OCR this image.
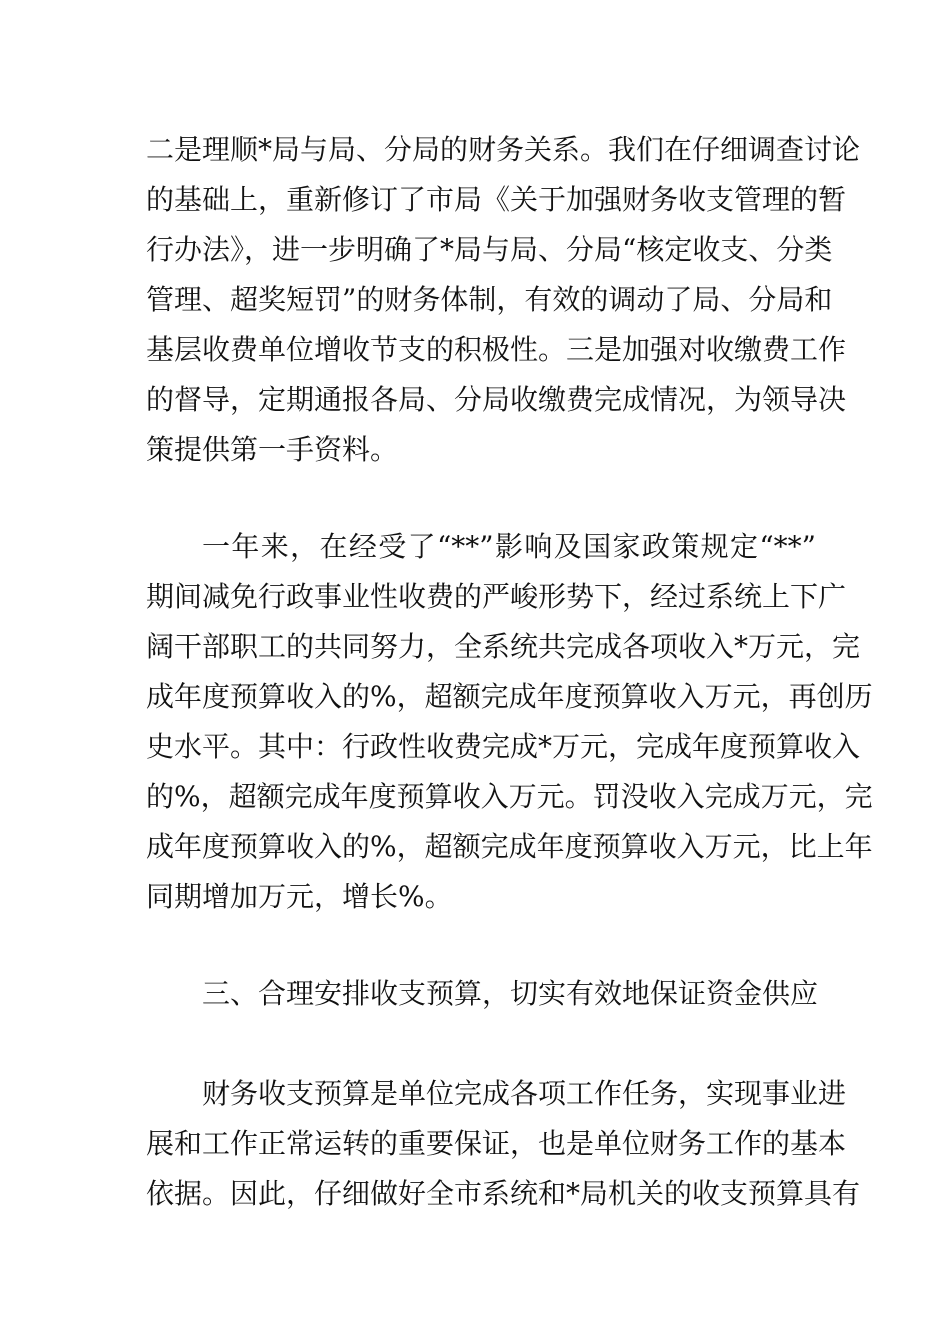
二是理顺*局与局、分局的财务关系。我们在仔细调查讨论
的基础上，重新修订了市局《关于加强财务收支管理的暂
行办法》，进一步明确了*局与局、分局“核定收支、分类
管理、超奖短罚”的财务体制，有效的调动了局、分局和
基层收费单位增收节支的积极性。三是加强对收缴费工作
的督导，定期通报各局、分局收缴费完成情况，为领导决
策提供第一手资料。
一年来，在经受了“**”影响及国家政策规定“**”
期间减免行政事业性收费的严峻形势下，经过系统上下广
阔干部职工的共同努力，全系统共完成各项收入*万元，完
成年度预算收入的%，超额完成年度预算收入万元，再创历
史水平。其中：行政性收费完成*万元，完成年度预算收入
的%，超额完成年度预算收入万元。罚没收入完成万元，完
成年度预算收入的%，超额完成年度预算收入万元，比上年
同期增加万元，增长%。
三、合理安排收支预算，切实有效地保证资金供应
财务收支预算是单位完成各项工作任务，实现事业进
展和工作正常运转的重要保证，也是单位财务工作的基本
依据。因此，仔细做好全市系统和*局机关的收支预算具有
